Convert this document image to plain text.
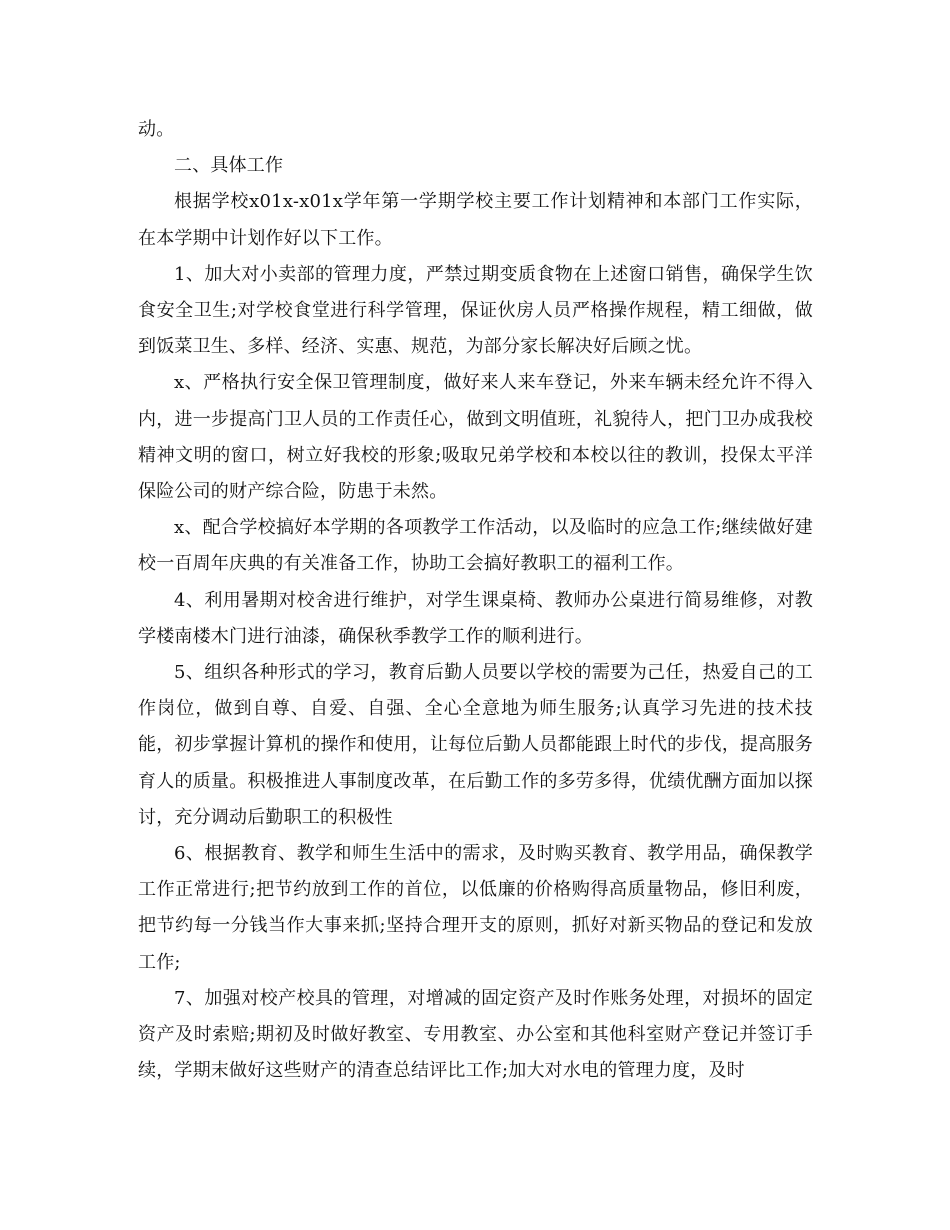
动。

二、具体工作

根据学校x01x-x01x学年第一学期学校主要工作计划精神和本部门工作实际，在本学期中计划作好以下工作。

1、加大对小卖部的管理力度，严禁过期变质食物在上述窗口销售，确保学生饮食安全卫生;对学校食堂进行科学管理，保证伙房人员严格操作规程，精工细做，做到饭菜卫生、多样、经济、实惠、规范，为部分家长解决好后顾之忧。

x、严格执行安全保卫管理制度，做好来人来车登记，外来车辆未经允许不得入内，进一步提高门卫人员的工作责任心，做到文明值班，礼貌待人，把门卫办成我校精神文明的窗口，树立好我校的形象;吸取兄弟学校和本校以往的教训，投保太平洋保险公司的财产综合险，防患于未然。

x、配合学校搞好本学期的各项教学工作活动，以及临时的应急工作;继续做好建校一百周年庆典的有关准备工作，协助工会搞好教职工的福利工作。

4、利用暑期对校舍进行维护，对学生课桌椅、教师办公桌进行简易维修，对教学楼南楼木门进行油漆，确保秋季教学工作的顺利进行。

5、组织各种形式的学习，教育后勤人员要以学校的需要为己任，热爱自己的工作岗位，做到自尊、自爱、自强、全心全意地为师生服务;认真学习先进的技术技能，初步掌握计算机的操作和使用，让每位后勤人员都能跟上时代的步伐，提高服务育人的质量。积极推进人事制度改革，在后勤工作的多劳多得，优绩优酬方面加以探讨，充分调动后勤职工的积极性

6、根据教育、教学和师生生活中的需求，及时购买教育、教学用品，确保教学工作正常进行;把节约放到工作的首位，以低廉的价格购得高质量物品，修旧利废，把节约每一分钱当作大事来抓;坚持合理开支的原则，抓好对新买物品的登记和发放工作;

7、加强对校产校具的管理，对增减的固定资产及时作账务处理，对损坏的固定资产及时索赔;期初及时做好教室、专用教室、办公室和其他科室财产登记并签订手续，学期末做好这些财产的清查总结评比工作;加大对水电的管理力度，及时
